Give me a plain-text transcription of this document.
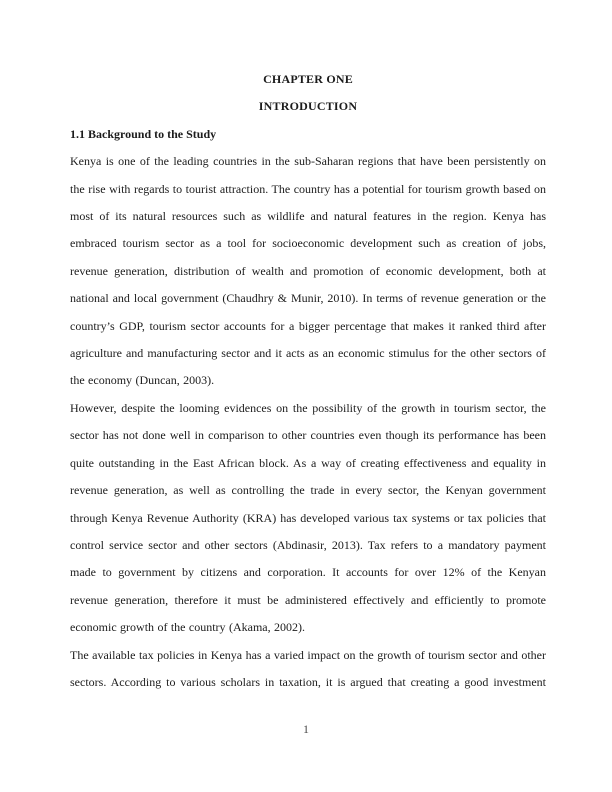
CHAPTER ONE
INTRODUCTION
1.1 Background to the Study
Kenya is one of the leading countries in the sub-Saharan regions that have been persistently on
the rise with regards to tourist attraction. The country has a potential for tourism growth based on
most of its natural resources such as wildlife and natural features in the region. Kenya has
embraced tourism sector as a tool for socioeconomic development such as creation of jobs,
revenue generation, distribution of wealth and promotion of economic development, both at
national and local government (Chaudhry & Munir, 2010). In terms of revenue generation or the
country’s GDP, tourism sector accounts for a bigger percentage that makes it ranked third after
agriculture and manufacturing sector and it acts as an economic stimulus for the other sectors of
the economy (Duncan, 2003).
However, despite the looming evidences on the possibility of the growth in tourism sector, the
sector has not done well in comparison to other countries even though its performance has been
quite outstanding in the East African block. As a way of creating effectiveness and equality in
revenue generation, as well as controlling the trade in every sector, the Kenyan government
through Kenya Revenue Authority (KRA) has developed various tax systems or tax policies that
control service sector and other sectors (Abdinasir, 2013). Tax refers to a mandatory payment
made to government by citizens and corporation. It accounts for over 12% of the Kenyan
revenue generation, therefore it must be administered effectively and efficiently to promote
economic growth of the country (Akama, 2002).
The available tax policies in Kenya has a varied impact on the growth of tourism sector and other
sectors. According to various scholars in taxation, it is argued that creating a good investment
1
